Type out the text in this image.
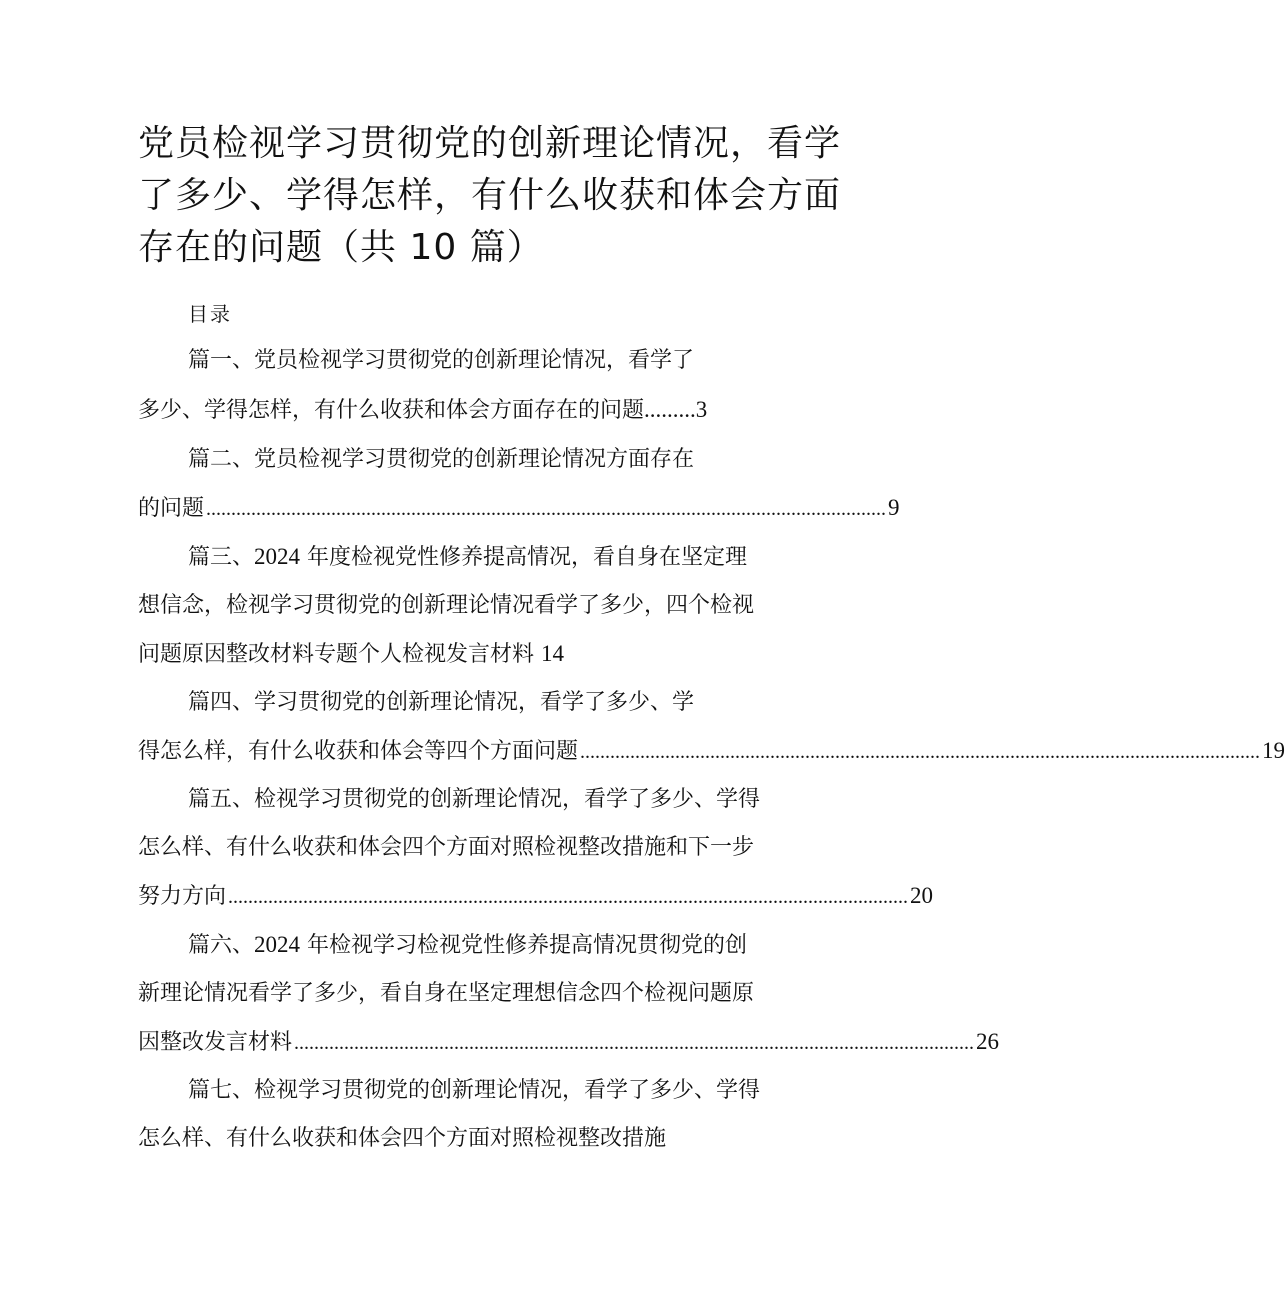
党员检视学习贯彻党的创新理论情况，看学
了多少、学得怎样，有什么收获和体会方面
存在的问题（共 10 篇）
目录
篇一、党员检视学习贯彻党的创新理论情况，看学了
多少、学得怎样，有什么收获和体会方面存在的问题.........3
篇二、党员检视学习贯彻党的创新理论情况方面存在
的问题 ........................................................................................................................................ 9
篇三、2024 年度检视党性修养提高情况，看自身在坚定理
想信念，检视学习贯彻党的创新理论情况看学了多少，四个检视
问题原因整改材料专题个人检视发言材料 14
篇四、学习贯彻党的创新理论情况，看学了多少、学
得怎么样，有什么收获和体会等四个方面问题 ........................................................................................................................................ 19
篇五、检视学习贯彻党的创新理论情况，看学了多少、学得
怎么样、有什么收获和体会四个方面对照检视整改措施和下一步
努力方向 ........................................................................................................................................ 20
篇六、2024 年检视学习检视党性修养提高情况贯彻党的创
新理论情况看学了多少，看自身在坚定理想信念四个检视问题原
因整改发言材料 ........................................................................................................................................ 26
篇七、检视学习贯彻党的创新理论情况，看学了多少、学得
怎么样、有什么收获和体会四个方面对照检视整改措施
